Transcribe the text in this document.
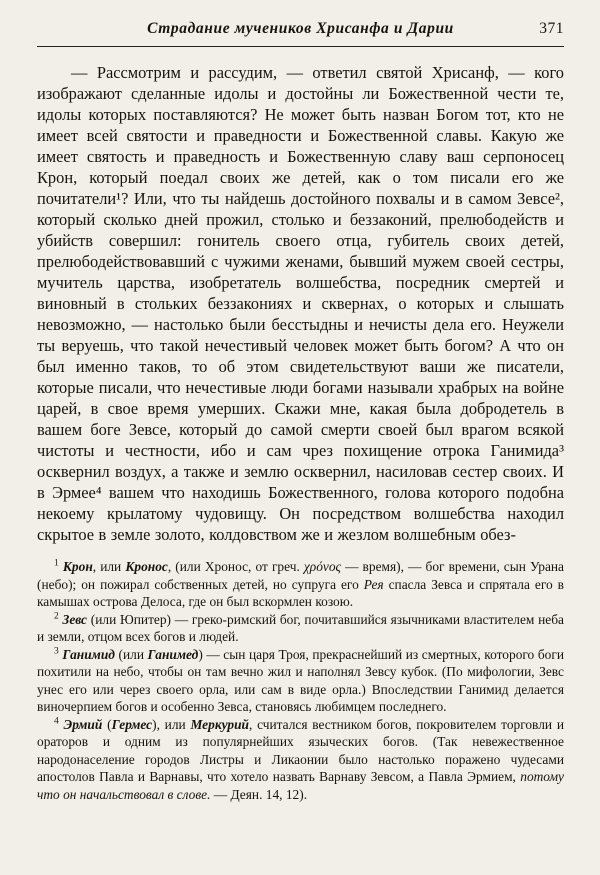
Страдание мучеников Хрисанфа и Дарии	371

— Рассмотрим и рассудим, — ответил святой Хрисанф, — кого изображают сделанные идолы и достойны ли Божественной чести те, идолы которых поставляются? Не может быть назван Богом тот, кто не имеет всей святости и праведности и Божественной славы. Какую же имеет святость и праведность и Божественную славу ваш серпоносец Крон, который поедал своих же детей, как о том писали его же почитатели¹? Или, что ты найдешь достойного похвалы и в самом Зевсе², который сколько дней прожил, столько и беззаконий, прелюбодейств и убийств совершил: гонитель своего отца, губитель своих детей, прелюбодействовавший с чужими женами, бывший мужем своей сестры, мучитель царства, изобретатель волшебства, посредник смертей и виновный в стольких беззакониях и сквернах, о которых и слышать невозможно, — настолько были бесстыдны и нечисты дела его. Неужели ты веруешь, что такой нечестивый человек может быть богом? А что он был именно таков, то об этом свидетельствуют ваши же писатели, которые писали, что нечестивые люди богами называли храбрых на войне царей, в свое время умерших. Скажи мне, какая была добродетель в вашем боге Зевсе, который до самой смерти своей был врагом всякой чистоты и честности, ибо и сам чрез похищение отрока Ганимида³ осквернил воздух, а также и землю осквернил, насиловав сестер своих. И в Эрмее⁴ вашем что находишь Божественного, голова которого подобна некоему крылатому чудовищу. Он посредством волшебства находил скрытое в земле золото, колдовством же и жезлом волшебным обез-

$^1$ Крон, или Кронос, (или Хронос, от греч. χρόνος — время), — бог времени, сын Урана (небо); он пожирал собственных детей, но супруга его Рея спасла Зевса и спрятала его в камышах острова Делоса, где он был вскормлен козою.

$^2$ Зевс (или Юпитер) — греко-римский бог, почитавшийся язычниками властителем неба и земли, отцом всех богов и людей.

$^3$ Ганимид (или Ганимед) — сын царя Троя, прекраснейший из смертных, которого боги похитили на небо, чтобы он там вечно жил и наполнял Зевсу кубок. (По мифологии, Зевс унес его или через своего орла, или сам в виде орла.) Впоследствии Ганимид делается виночерпием богов и особенно Зевса, становясь любимцем последнего.

$^4$ Эрмий (Гермес), или Меркурий, считался вестником богов, покровителем торговли и ораторов и одним из популярнейших языческих богов. (Так невежественное народонаселение городов Листры и Ликаонии было настолько поражено чудесами апостолов Павла и Варнавы, что хотело назвать Варнаву Зевсом, а Павла Эрмием, потому что он начальствовал в слове. — Деян. 14, 12).
